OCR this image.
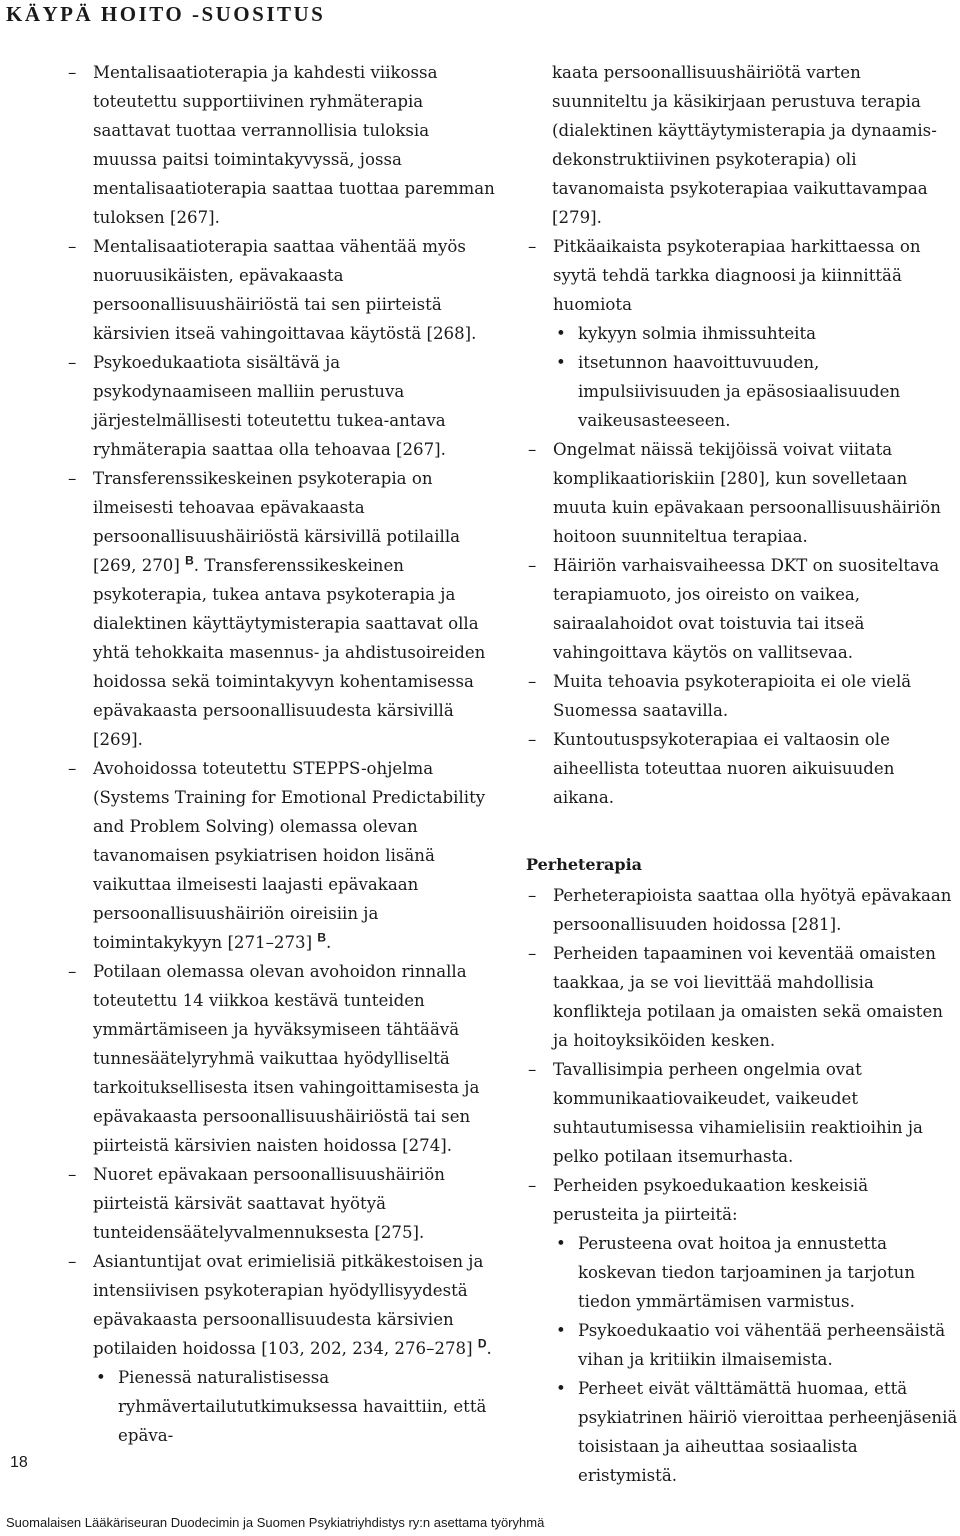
KÄYPÄ HOITO -SUOSITUS
– Mentalisaatioterapia ja kahdesti viikossa toteutettu supportiivinen ryhmäterapia saattavat tuottaa verrannollisia tuloksia muussa paitsi toimintakyvyssä, jossa mentalisaatioterapia saattaa tuottaa paremman tuloksen [267].
– Mentalisaatioterapia saattaa vähentää myös nuoruusikäisten, epävakaasta persoonallisuushäiriöstä tai sen piirteistä kärsivien itseä vahingoittavaa käytöstä [268].
– Psykoedukaatiota sisältävä ja psykodynaamiseen malliin perustuva järjestelmällisesti toteutettu tukea-antava ryhmäterapia saattaa olla tehoavaa [267].
– Transferenssikeskeinen psykoterapia on ilmeisesti tehoavaa epävakaasta persoonallisuushäiriöstä kärsivillä potilailla [269, 270] $^B$. Transferenssikeskeinen psykoterapia, tukea antava psykoterapia ja dialektinen käyttäytymisterapia saattavat olla yhtä tehokkaita masennus- ja ahdistusoireiden hoidossa sekä toimintakyvyn kohentamisessa epävakaasta persoonallisuudesta kärsivillä [269].
– Avohoidossa toteutettu STEPPS-ohjelma (Systems Training for Emotional Predictability and Problem Solving) olemassa olevan tavanomaisen psykiatrisen hoidon lisänä vaikuttaa ilmeisesti laajasti epävakaan persoonallisuushäiriön oireisiin ja toimintakykyyn [271–273] $^B$.
– Potilaan olemassa olevan avohoidon rinnalla toteutettu 14 viikkoa kestävä tunteiden ymmärtämiseen ja hyväksymiseen tähtäävä tunnesäätelyryhmä vaikuttaa hyödylliseltä tarkoituksellisesta itsen vahingoittamisesta ja epävakaasta persoonallisuushäiriöstä tai sen piirteistä kärsivien naisten hoidossa [274].
– Nuoret epävakaan persoonallisuushäiriön piirteistä kärsivät saattavat hyötyä tunteidensäätelyvalmennuksesta [275].
– Asiantuntijat ovat erimielisiä pitkäkestoisen ja intensiivisen psykoterapian hyödyllisyydestä epävakaasta persoonallisuudesta kärsivien potilaiden hoidossa [103, 202, 234, 276–278] $^D$.
• Pienessä naturalistisessa ryhmävertailututkimuksessa havaittiin, että epäva-

kaata persoonallisuushäiriötä varten suunniteltu ja käsikirjaan perustuva terapia (dialektinen käyttäytymisterapia ja dynaamis-dekonstruktiivinen psykoterapia) oli tavanomaista psykoterapiaa vaikuttavampaa [279].

– Pitkäaikaista psykoterapiaa harkittaessa on syytä tehdä tarkka diagnoosi ja kiinnittää huomiota
• kykyyn solmia ihmissuhteita
• itsetunnon haavoittuvuuden, impulsiivisuuden ja epäsosiaalisuuden vaikeusasteeseen.
– Ongelmat näissä tekijöissä voivat viitata komplikaatioriskiin [280], kun sovelletaan muuta kuin epävakaan persoonallisuushäiriön hoitoon suunniteltua terapiaa.
– Häiriön varhaisvaiheessa DKT on suositeltava terapiamuoto, jos oireisto on vaikea, sairaalahoidot ovat toistuvia tai itseä vahingoittava käytös on vallitsevaa.
– Muita tehoavia psykoterapioita ei ole vielä Suomessa saatavilla.
– Kuntoutuspsykoterapiaa ei valtaosin ole aiheellista toteuttaa nuoren aikuisuuden aikana.
Perheterapia
– Perheterapioista saattaa olla hyötyä epävakaan persoonallisuuden hoidossa [281].
– Perheiden tapaaminen voi keventää omaisten taakkaa, ja se voi lievittää mahdollisia konflikteja potilaan ja omaisten sekä omaisten ja hoitoyksiköiden kesken.
– Tavallisimpia perheen ongelmia ovat kommunikaatiovaikeudet, vaikeudet suhtautumisessa vihamielisiin reaktioihin ja pelko potilaan itsemurhasta.
– Perheiden psykoedukaation keskeisiä perusteita ja piirteitä:
• Perusteena ovat hoitoa ja ennustetta koskevan tiedon tarjoaminen ja tarjotun tiedon ymmärtämisen varmistus.
• Psykoedukaatio voi vähentää perheensäistä vihan ja kritiikin ilmaisemista.
• Perheet eivät välttämättä huomaa, että psykiatrinen häiriö vieroittaa perheenjäseniä toisistaan ja aiheuttaa sosiaalista eristymistä.
18
Suomalaisen Lääkäriseuran Duodecimin ja Suomen Psykiatriyhdistys ry:n asettama työryhmä
